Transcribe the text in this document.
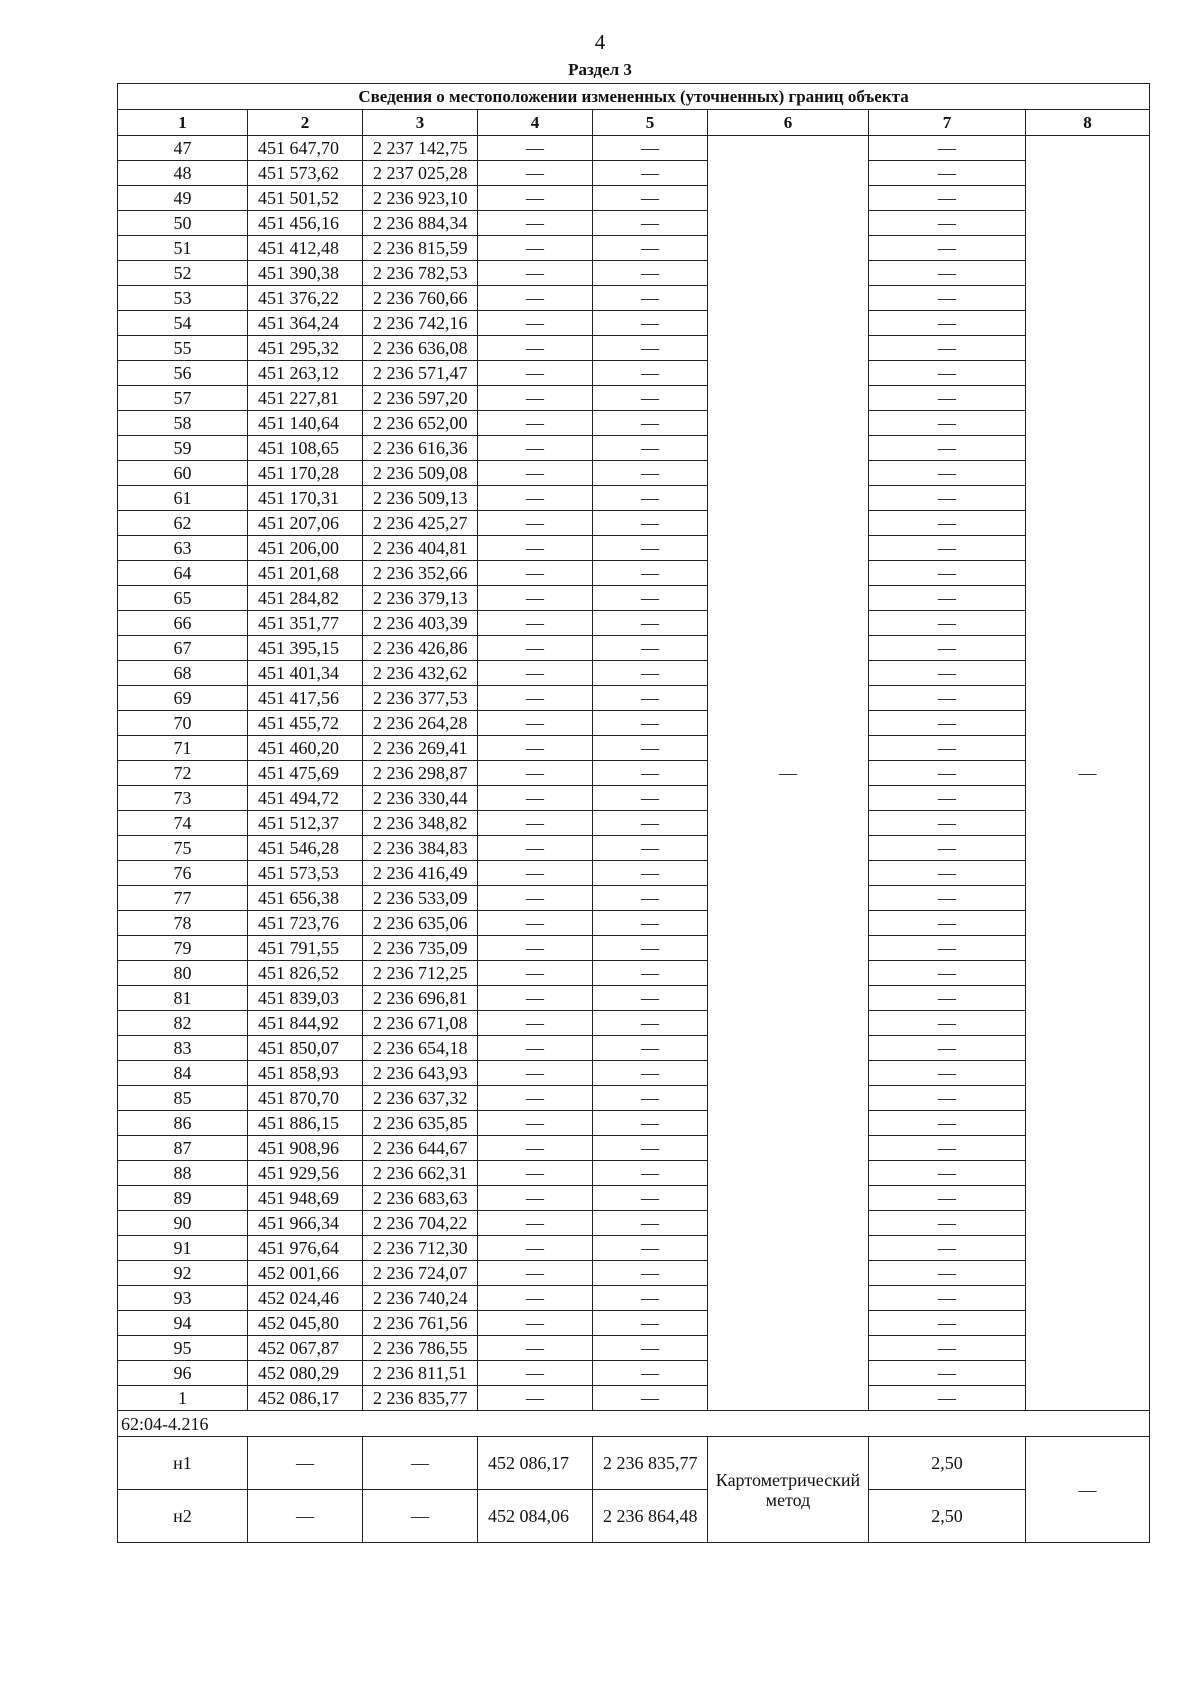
4
Раздел 3
Сведения о местоположении измененных (уточненных) границ объекта							
1	2	3	4	5	6	7	8
47	451 647,70	2 237 142,75	—	—	—	—	—
48	451 573,62	2 237 025,28	—	—		—	
49	451 501,52	2 236 923,10	—	—		—	
50	451 456,16	2 236 884,34	—	—		—	
51	451 412,48	2 236 815,59	—	—		—	
52	451 390,38	2 236 782,53	—	—		—	
53	451 376,22	2 236 760,66	—	—		—	
54	451 364,24	2 236 742,16	—	—		—	
55	451 295,32	2 236 636,08	—	—		—	
56	451 263,12	2 236 571,47	—	—		—	
57	451 227,81	2 236 597,20	—	—		—	
58	451 140,64	2 236 652,00	—	—		—	
59	451 108,65	2 236 616,36	—	—		—	
60	451 170,28	2 236 509,08	—	—		—	
61	451 170,31	2 236 509,13	—	—		—	
62	451 207,06	2 236 425,27	—	—		—	
63	451 206,00	2 236 404,81	—	—		—	
64	451 201,68	2 236 352,66	—	—		—	
65	451 284,82	2 236 379,13	—	—		—	
66	451 351,77	2 236 403,39	—	—		—	
67	451 395,15	2 236 426,86	—	—		—	
68	451 401,34	2 236 432,62	—	—		—	
69	451 417,56	2 236 377,53	—	—		—	
70	451 455,72	2 236 264,28	—	—		—	
71	451 460,20	2 236 269,41	—	—		—	
72	451 475,69	2 236 298,87	—	—		—	
73	451 494,72	2 236 330,44	—	—		—	
74	451 512,37	2 236 348,82	—	—		—	
75	451 546,28	2 236 384,83	—	—		—	
76	451 573,53	2 236 416,49	—	—		—	
77	451 656,38	2 236 533,09	—	—		—	
78	451 723,76	2 236 635,06	—	—		—	
79	451 791,55	2 236 735,09	—	—		—	
80	451 826,52	2 236 712,25	—	—		—	
81	451 839,03	2 236 696,81	—	—		—	
82	451 844,92	2 236 671,08	—	—		—	
83	451 850,07	2 236 654,18	—	—		—	
84	451 858,93	2 236 643,93	—	—		—	
85	451 870,70	2 236 637,32	—	—		—	
86	451 886,15	2 236 635,85	—	—		—	
87	451 908,96	2 236 644,67	—	—		—	
88	451 929,56	2 236 662,31	—	—		—	
89	451 948,69	2 236 683,63	—	—		—	
90	451 966,34	2 236 704,22	—	—		—	
91	451 976,64	2 236 712,30	—	—		—	
92	452 001,66	2 236 724,07	—	—		—	
93	452 024,46	2 236 740,24	—	—		—	
94	452 045,80	2 236 761,56	—	—		—	
95	452 067,87	2 236 786,55	—	—		—	
96	452 080,29	2 236 811,51	—	—		—	
1	452 086,17	2 236 835,77	—	—		—	
62:04-4.216							
н1	—	—	452 086,17	2 236 835,77	Картометрический метод	2,50	—
н2	—	—	452 084,06	2 236 864,48		2,50	
